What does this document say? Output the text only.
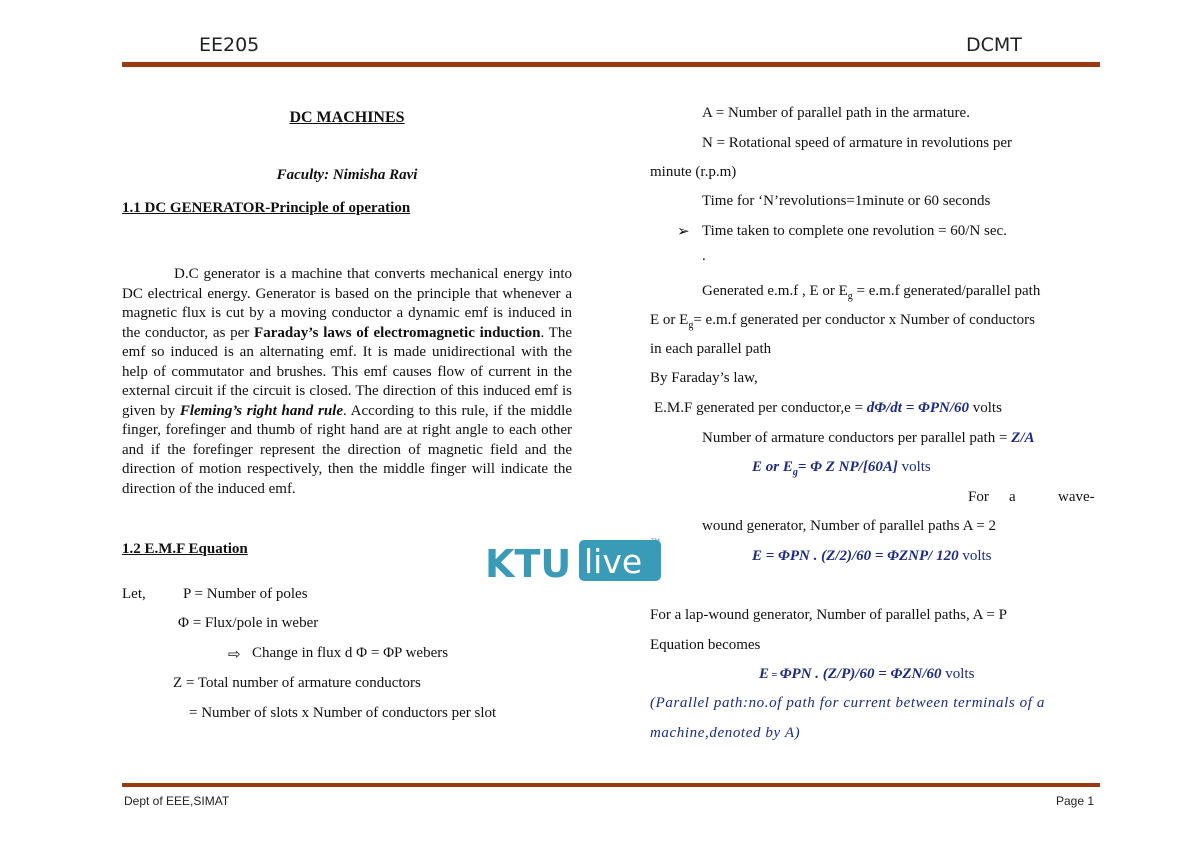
EE205	DCMT
DC MACHINES
Faculty: Nimisha Ravi
1.1 DC GENERATOR-Principle of operation
D.C generator is a machine that converts mechanical energy into DC electrical energy. Generator is based on the principle that whenever a magnetic flux is cut by a moving conductor a dynamic emf is induced in the conductor, as per Faraday’s laws of electromagnetic induction. The emf so induced is an alternating emf. It is made unidirectional with the help of commutator and brushes. This emf causes flow of current in the external circuit if the circuit is closed. The direction of this induced emf is given by Fleming’s right hand rule. According to this rule, if the middle finger, forefinger and thumb of right hand are at right angle to each other and if the forefinger represent the direction of magnetic field and the direction of motion respectively, then the middle finger will indicate the direction of the induced emf.
1.2 E.M.F Equation
Let, P = Number of poles
Φ = Flux/pole in weber
⇨ Change in flux d Φ = ΦP webers
Z = Total number of armature conductors
= Number of slots x Number of conductors per slot
A = Number of parallel path in the armature.
N = Rotational speed of armature in revolutions per
minute (r.p.m)
Time for ‘N’revolutions=1minute or 60 seconds
➢ Time taken to complete one revolution = 60/N sec.
.
Generated e.m.f , E or $E_g = e.m.f$ generated/parallel path
E or $E_g= e.m.f$ generated per conductor x Number of conductors
in each parallel path
By Faraday’s law,
E.M.F generated per conductor,e = dΦ/dt = ΦPN/60 volts
Number of armature conductors per parallel path = Z/A
E or $E_g= \Phi$ Z NP/[60A] volts
For a	wave-
wound generator, Number of parallel paths A = 2
E = ΦPN . (Z/2)/60 = ΦZNP/ 120 volts
For a lap-wound generator, Number of parallel paths, A = P
Equation becomes
E = ΦPN . (Z/P)/60 = ΦZN/60 volts
(Parallel path:no.of path for current between terminals of a
machine,denoted by A)
KTU live
TM
Dept of EEE,SIMAT	Page 1
